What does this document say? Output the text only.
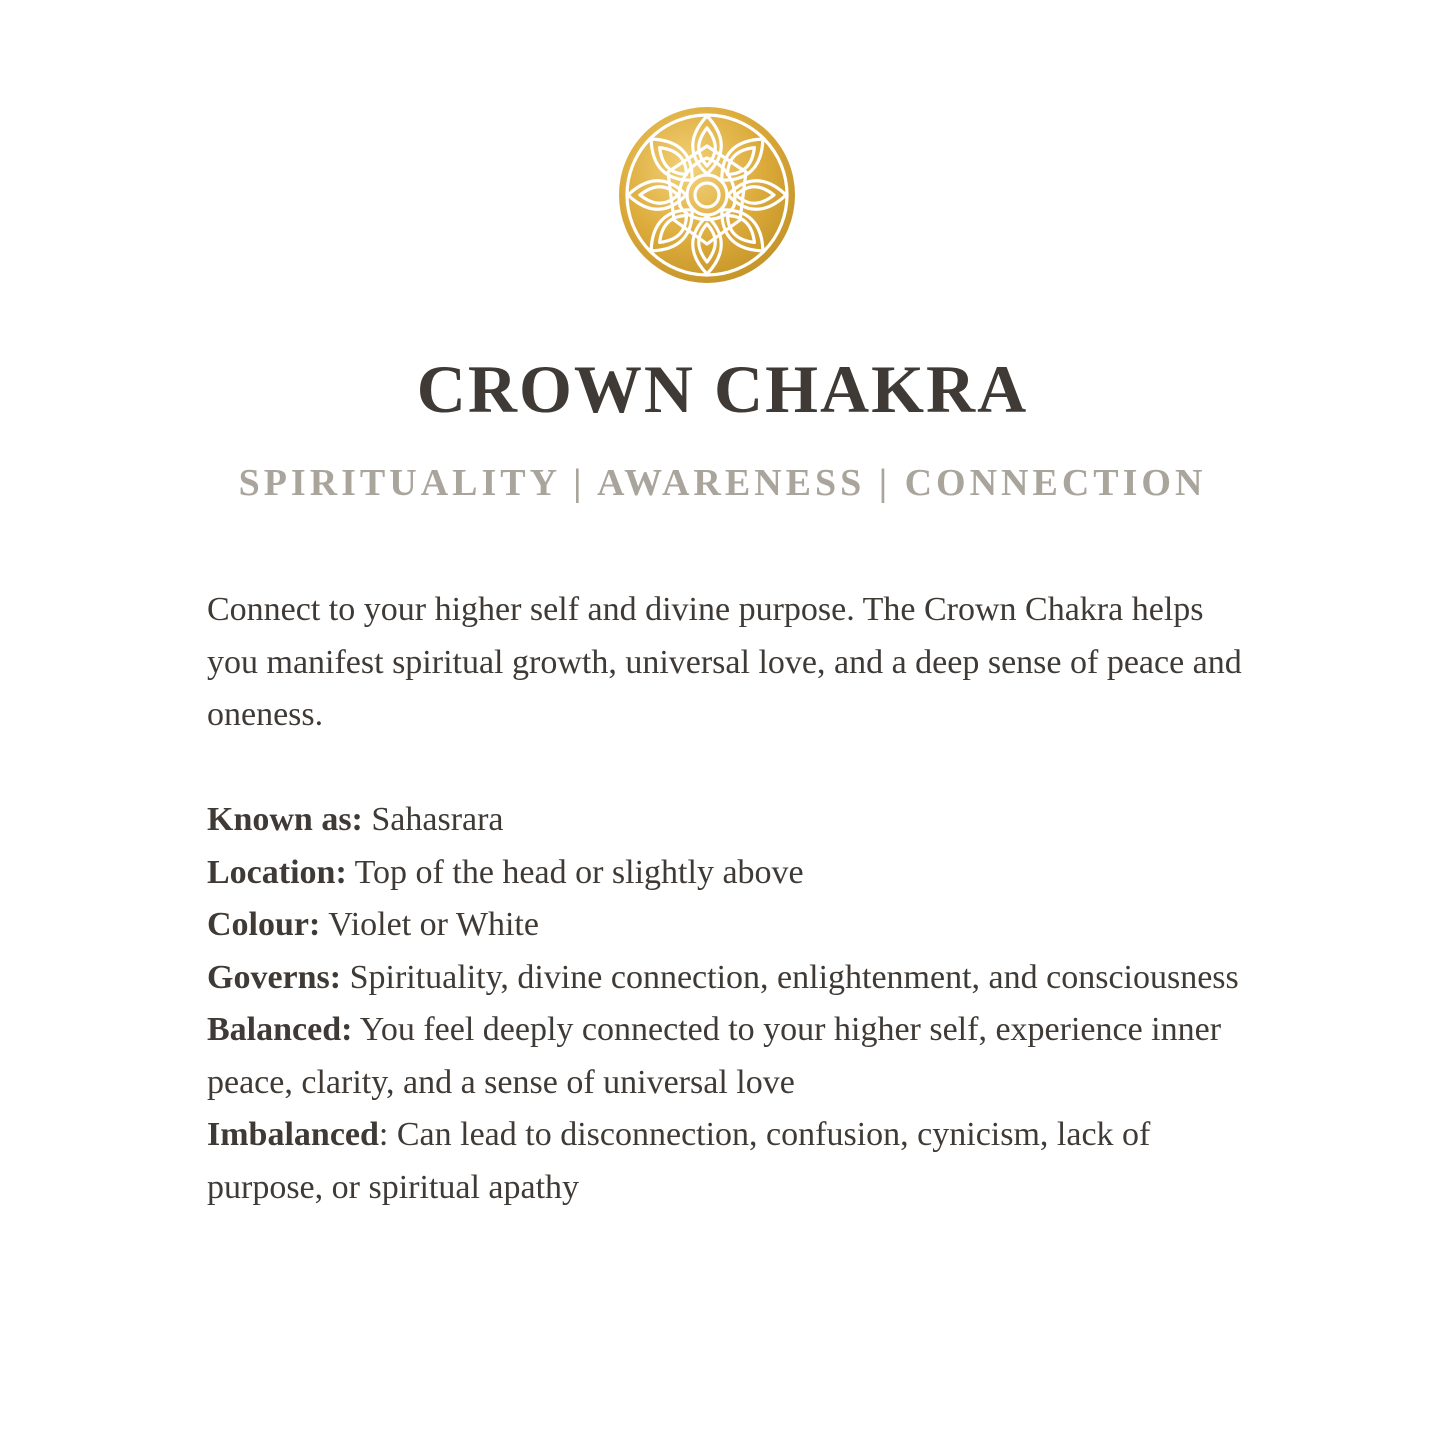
CROWN CHAKRA
SPIRITUALITY | AWARENESS | CONNECTION

Connect to your higher self and divine purpose. The Crown Chakra helps you manifest spiritual growth, universal love, and a deep sense of peace and oneness.

Known as: Sahasrara

Location: Top of the head or slightly above

Colour: Violet or White

Governs: Spirituality, divine connection, enlightenment, and consciousness

Balanced: You feel deeply connected to your higher self, experience inner peace, clarity, and a sense of universal love

Imbalanced: Can lead to disconnection, confusion, cynicism, lack of purpose, or spiritual apathy
